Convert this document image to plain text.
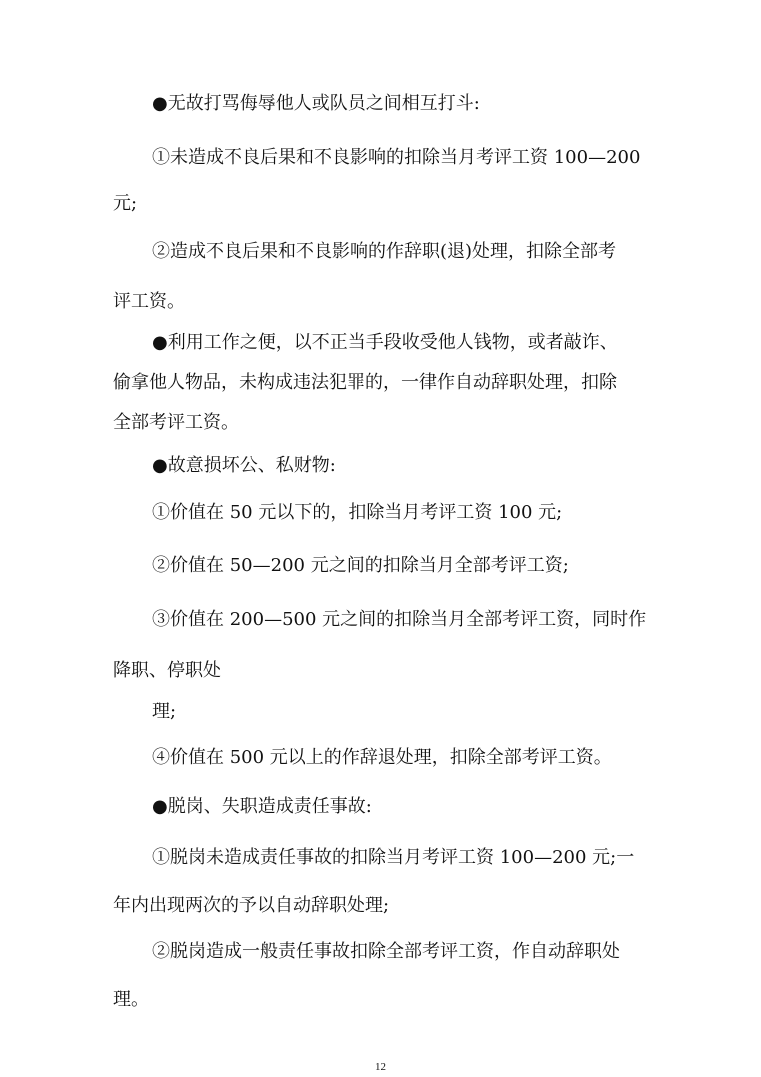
●无故打骂侮辱他人或队员之间相互打斗:
➀未造成不良后果和不良影响的扣除当月考评工资 100—200
元;
➁造成不良后果和不良影响的作辞职(退)处理，扣除全部考
评工资。
●利用工作之便，以不正当手段收受他人钱物，或者敲诈、
偷拿他人物品，未构成违法犯罪的，一律作自动辞职处理，扣除
全部考评工资。
●故意损坏公、私财物:
➀价值在 50 元以下的，扣除当月考评工资 100 元;
➁价值在 50—200 元之间的扣除当月全部考评工资;
➂价值在 200—500 元之间的扣除当月全部考评工资，同时作
降职、停职处
理;
➃价值在 500 元以上的作辞退处理，扣除全部考评工资。
●脱岗、失职造成责任事故:
➀脱岗未造成责任事故的扣除当月考评工资 100—200 元;一
年内出现两次的予以自动辞职处理;
➁脱岗造成一般责任事故扣除全部考评工资，作自动辞职处
理。
12
